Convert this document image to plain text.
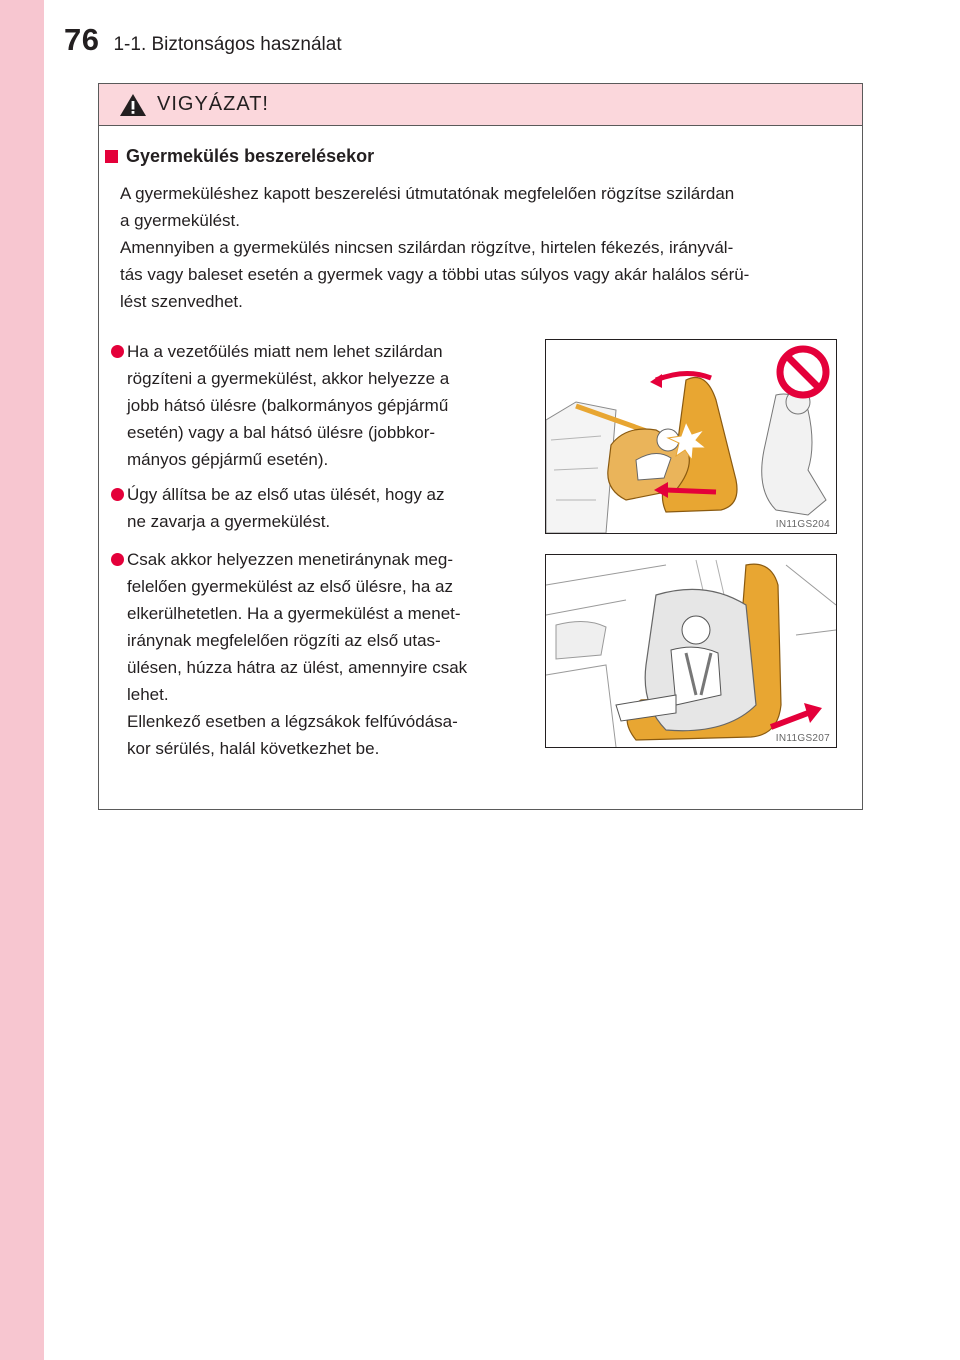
76 1-1. Biztonságos használat
VIGYÁZAT!
Gyermekülés beszerelésekor
A gyermeküléshez kapott beszerelési útmutatónak megfelelően rögzítse szilárdan
a gyermekülést.
Amennyiben a gyermekülés nincsen szilárdan rögzítve, hirtelen fékezés, irányvál-
tás vagy baleset esetén a gyermek vagy a többi utas súlyos vagy akár halálos sérü-
lést szenvedhet.
Ha a vezetőülés miatt nem lehet szilárdan
rögzíteni a gyermekülést, akkor helyezze a
jobb hátsó ülésre (balkormányos gépjármű
esetén) vagy a bal hátsó ülésre (jobbkor-
mányos gépjármű esetén).
Úgy állítsa be az első utas ülését, hogy az
ne zavarja a gyermekülést.
Csak akkor helyezzen menetiránynak meg-
felelően gyermekülést az első ülésre, ha az
elkerülhetetlen. Ha a gyermekülést a menet-
iránynak megfelelően rögzíti az első utas-
ülésen, húzza hátra az ülést, amennyire csak
lehet.
Ellenkező esetben a légzsákok felfúvódása-
kor sérülés, halál következhet be.
IN11GS204
IN11GS207
